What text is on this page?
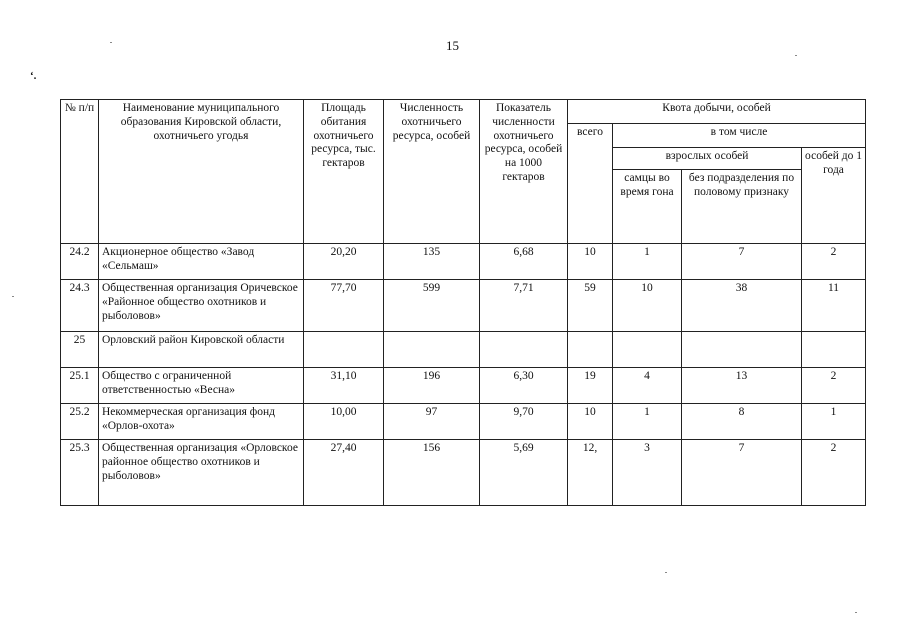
15
‘.
№ п/п	Наименование муниципального образования Кировской области, охотничьего угодья	Площадь обитания охотничьего ресурса, тыс. гектаров	Численность охотничьего ресурса, особей	Показатель численности охотничьего ресурса, особей на 1000 гектаров	Квота добычи, особей			
					всего	в том числе		
						взрослых особей		особей до 1 года
						самцы во время гона	без подразделения по половому признаку	
24.2	Акционерное общество «Завод «Сельмаш»	20,20	135	6,68	10	1	7	2
24.3	Общественная организация Оричевское «Районное общество охотников и рыболовов»	77,70	599	7,71	59	10	38	11
25	Орловский район Кировской области							
25.1	Общество с ограниченной ответственностью «Весна»	31,10	196	6,30	19	4	13	2
25.2	Некоммерческая организация фонд «Орлов-охота»	10,00	97	9,70	10	1	8	1
25.3	Общественная организация «Орловское районное общество охотников и рыболовов»	27,40	156	5,69	12,	3	7	2
